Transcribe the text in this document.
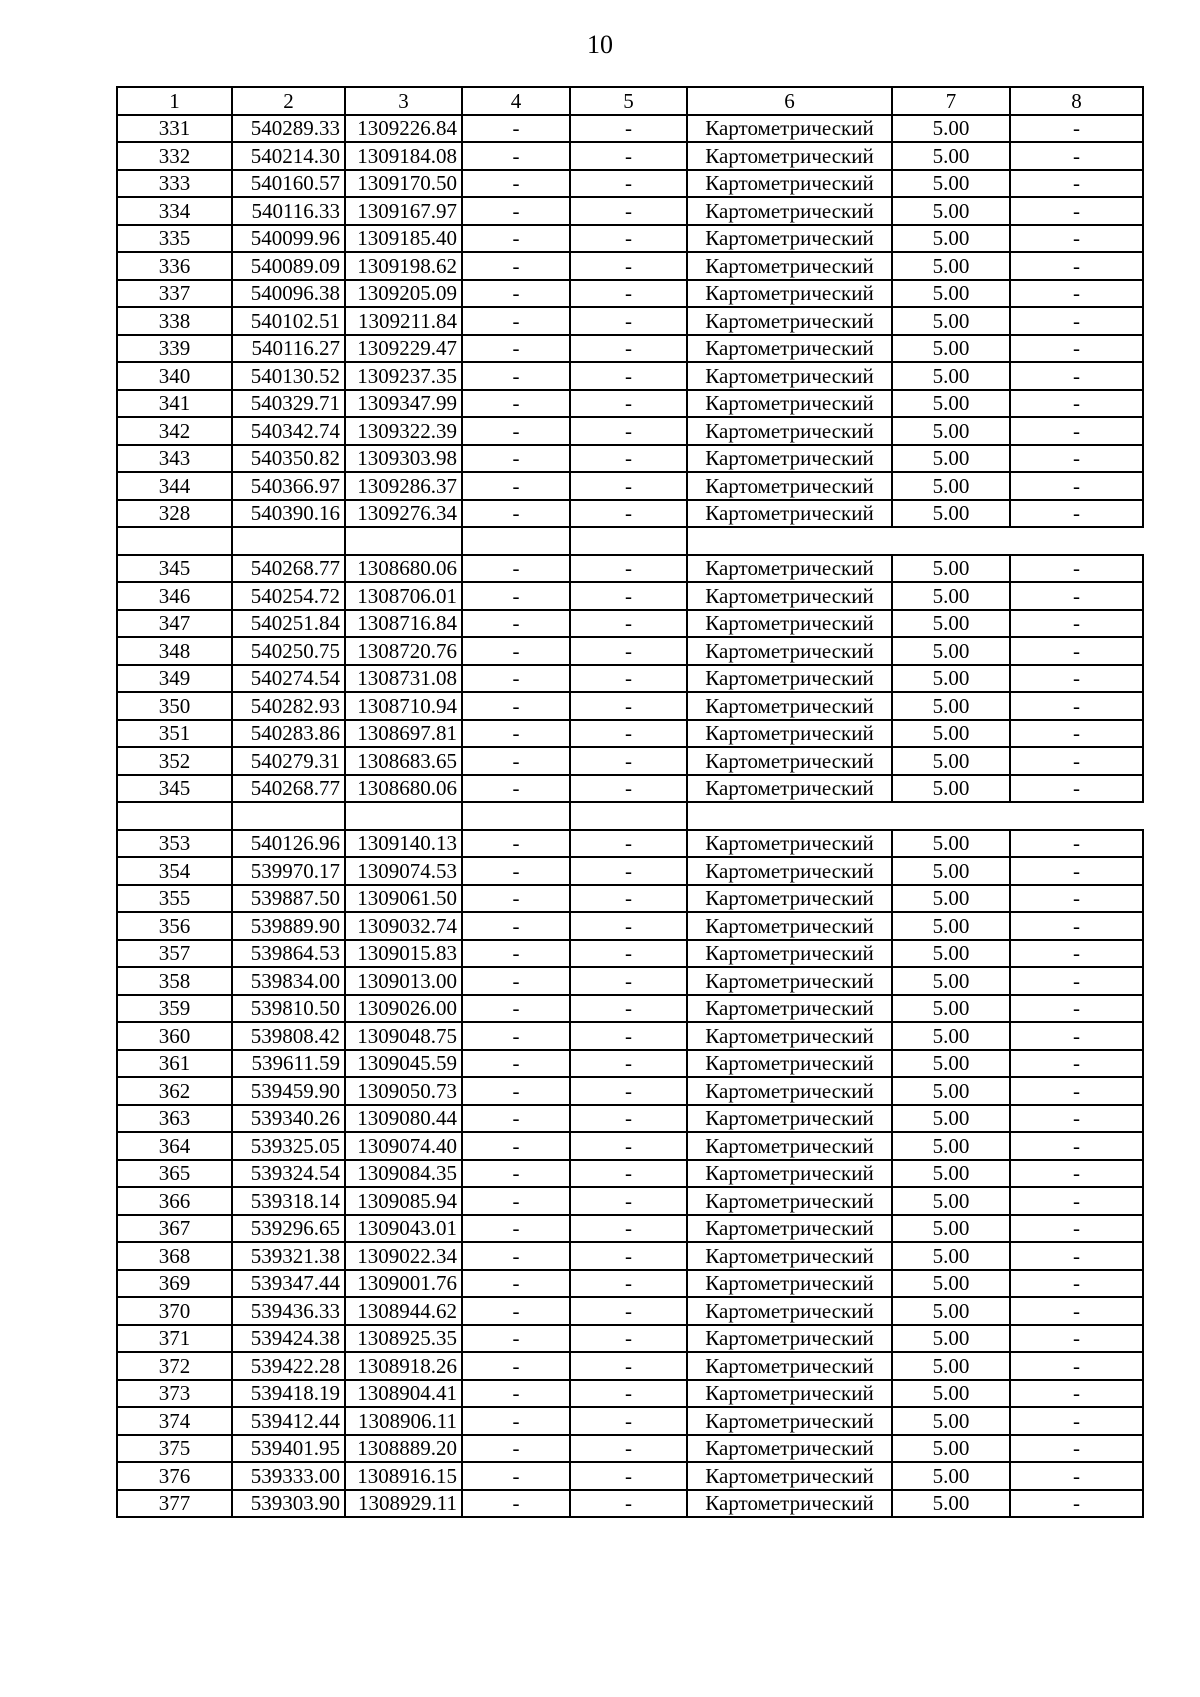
10
1	2	3	4	5	6	7	8
331	540289.33	1309226.84	-	-	Картометрический	5.00	-
332	540214.30	1309184.08	-	-	Картометрический	5.00	-
333	540160.57	1309170.50	-	-	Картометрический	5.00	-
334	540116.33	1309167.97	-	-	Картометрический	5.00	-
335	540099.96	1309185.40	-	-	Картометрический	5.00	-
336	540089.09	1309198.62	-	-	Картометрический	5.00	-
337	540096.38	1309205.09	-	-	Картометрический	5.00	-
338	540102.51	1309211.84	-	-	Картометрический	5.00	-
339	540116.27	1309229.47	-	-	Картометрический	5.00	-
340	540130.52	1309237.35	-	-	Картометрический	5.00	-
341	540329.71	1309347.99	-	-	Картометрический	5.00	-
342	540342.74	1309322.39	-	-	Картометрический	5.00	-
343	540350.82	1309303.98	-	-	Картометрический	5.00	-
344	540366.97	1309286.37	-	-	Картометрический	5.00	-
328	540390.16	1309276.34	-	-	Картометрический	5.00	-

345	540268.77	1308680.06	-	-	Картометрический	5.00	-
346	540254.72	1308706.01	-	-	Картометрический	5.00	-
347	540251.84	1308716.84	-	-	Картометрический	5.00	-
348	540250.75	1308720.76	-	-	Картометрический	5.00	-
349	540274.54	1308731.08	-	-	Картометрический	5.00	-
350	540282.93	1308710.94	-	-	Картометрический	5.00	-
351	540283.86	1308697.81	-	-	Картометрический	5.00	-
352	540279.31	1308683.65	-	-	Картометрический	5.00	-
345	540268.77	1308680.06	-	-	Картометрический	5.00	-

353	540126.96	1309140.13	-	-	Картометрический	5.00	-
354	539970.17	1309074.53	-	-	Картометрический	5.00	-
355	539887.50	1309061.50	-	-	Картометрический	5.00	-
356	539889.90	1309032.74	-	-	Картометрический	5.00	-
357	539864.53	1309015.83	-	-	Картометрический	5.00	-
358	539834.00	1309013.00	-	-	Картометрический	5.00	-
359	539810.50	1309026.00	-	-	Картометрический	5.00	-
360	539808.42	1309048.75	-	-	Картометрический	5.00	-
361	539611.59	1309045.59	-	-	Картометрический	5.00	-
362	539459.90	1309050.73	-	-	Картометрический	5.00	-
363	539340.26	1309080.44	-	-	Картометрический	5.00	-
364	539325.05	1309074.40	-	-	Картометрический	5.00	-
365	539324.54	1309084.35	-	-	Картометрический	5.00	-
366	539318.14	1309085.94	-	-	Картометрический	5.00	-
367	539296.65	1309043.01	-	-	Картометрический	5.00	-
368	539321.38	1309022.34	-	-	Картометрический	5.00	-
369	539347.44	1309001.76	-	-	Картометрический	5.00	-
370	539436.33	1308944.62	-	-	Картометрический	5.00	-
371	539424.38	1308925.35	-	-	Картометрический	5.00	-
372	539422.28	1308918.26	-	-	Картометрический	5.00	-
373	539418.19	1308904.41	-	-	Картометрический	5.00	-
374	539412.44	1308906.11	-	-	Картометрический	5.00	-
375	539401.95	1308889.20	-	-	Картометрический	5.00	-
376	539333.00	1308916.15	-	-	Картометрический	5.00	-
377	539303.90	1308929.11	-	-	Картометрический	5.00	-
